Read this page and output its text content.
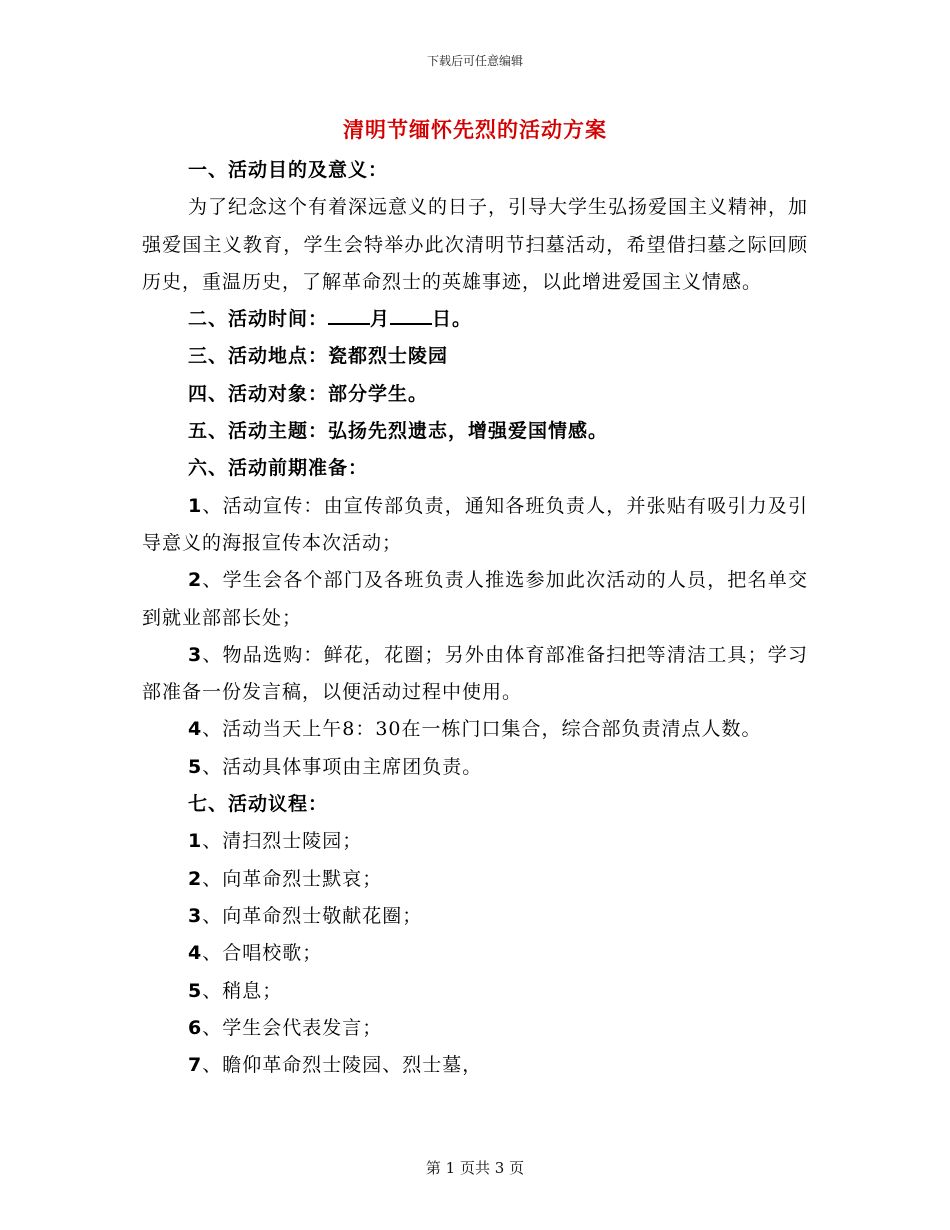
下载后可任意编辑
清明节缅怀先烈的活动方案

一、活动目的及意义：

为了纪念这个有着深远意义的日子，引导大学生弘扬爱国主义精神，加强爱国主义教育，学生会特举办此次清明节扫墓活动，希望借扫墓之际回顾历史，重温历史，了解革命烈士的英雄事迹，以此增进爱国主义情感。

二、活动时间： 月 日。

三、活动地点：瓷都烈士陵园

四、活动对象：部分学生。

五、活动主题：弘扬先烈遗志，增强爱国情感。

六、活动前期准备：

1、活动宣传：由宣传部负责，通知各班负责人，并张贴有吸引力及引导意义的海报宣传本次活动；

2、学生会各个部门及各班负责人推选参加此次活动的人员，把名单交到就业部部长处；

3、物品选购：鲜花，花圈；另外由体育部准备扫把等清洁工具；学习部准备一份发言稿，以便活动过程中使用。

4、活动当天上午8：30在一栋门口集合，综合部负责清点人数。

5、活动具体事项由主席团负责。

七、活动议程：

1、清扫烈士陵园；

2、向革命烈士默哀；

3、向革命烈士敬献花圈；

4、合唱校歌；

5、稍息；

6、学生会代表发言；

7、瞻仰革命烈士陵园、烈士墓，

第 1 页共 3 页
